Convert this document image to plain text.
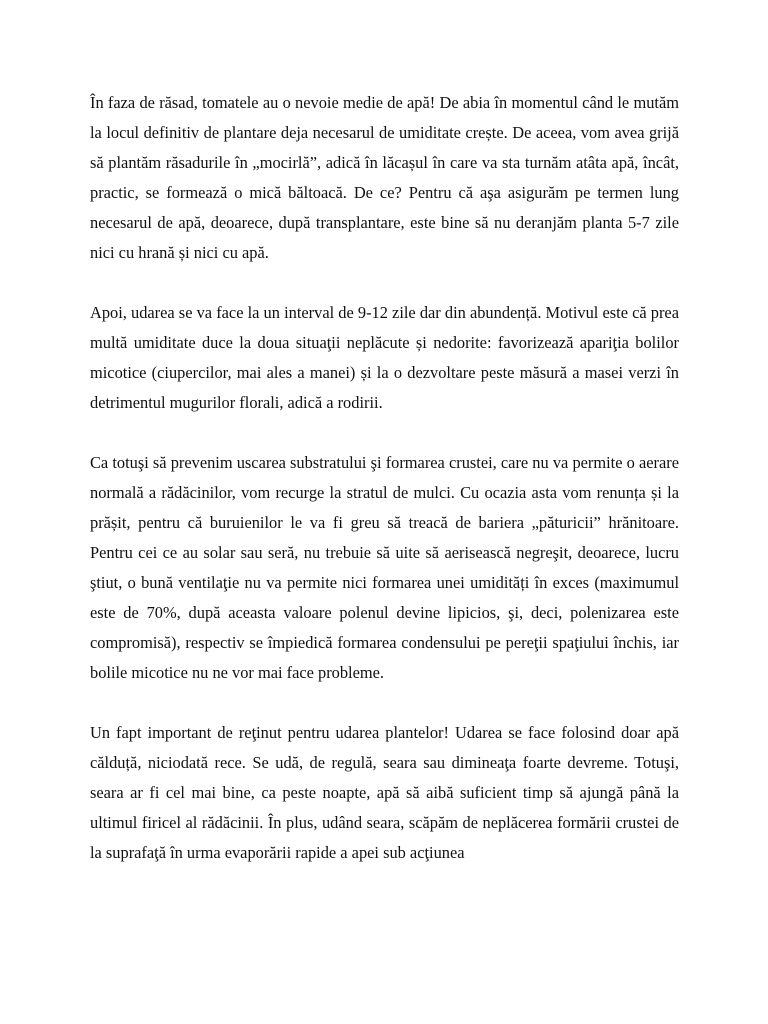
În faza de răsad, tomatele au o nevoie medie de apă! De abia în momentul când le mutăm la locul definitiv de plantare deja necesarul de umiditate crește. De aceea, vom avea grijă să plantăm răsadurile în „mocirlă”, adică în lăcașul în care va sta turnăm atâta apă, încât, practic, se formează o mică băltoacă. De ce? Pentru că aşa asigurăm pe termen lung necesarul de apă, deoarece, după transplantare, este bine să nu deranjăm planta 5-7 zile nici cu hrană și nici cu apă.

Apoi, udarea se va face la un interval de 9-12 zile dar din abundență. Motivul este că prea multă umiditate duce la doua situaţii neplăcute și nedorite: favorizează apariţia bolilor micotice (ciupercilor, mai ales a manei) și la o dezvoltare peste măsură a masei verzi în detrimentul mugurilor florali, adică a rodirii.

Ca totuşi să prevenim uscarea substratului şi formarea crustei, care nu va permite o aerare normală a rădăcinilor, vom recurge la stratul de mulci. Cu ocazia asta vom renunța și la prășit, pentru că buruienilor le va fi greu să treacă de bariera „păturicii” hrănitoare. Pentru cei ce au solar sau seră, nu trebuie să uite să aerisească negreşit, deoarece, lucru ştiut, o bună ventilaţie nu va permite nici formarea unei umidități în exces (maximumul este de 70%, după aceasta valoare polenul devine lipicios, şi, deci, polenizarea este compromisă), respectiv se împiedică formarea condensului pe pereţii spaţiului închis, iar bolile micotice nu ne vor mai face probleme.

Un fapt important de reţinut pentru udarea plantelor! Udarea se face folosind doar apă călduță, niciodată rece. Se udă, de regulă, seara sau dimineaţa foarte devreme. Totuşi, seara ar fi cel mai bine, ca peste noapte, apă să aibă suficient timp să ajungă până la ultimul firicel al rădăcinii. În plus, udând seara, scăpăm de neplăcerea formării crustei de la suprafaţă în urma evaporării rapide a apei sub acţiunea
